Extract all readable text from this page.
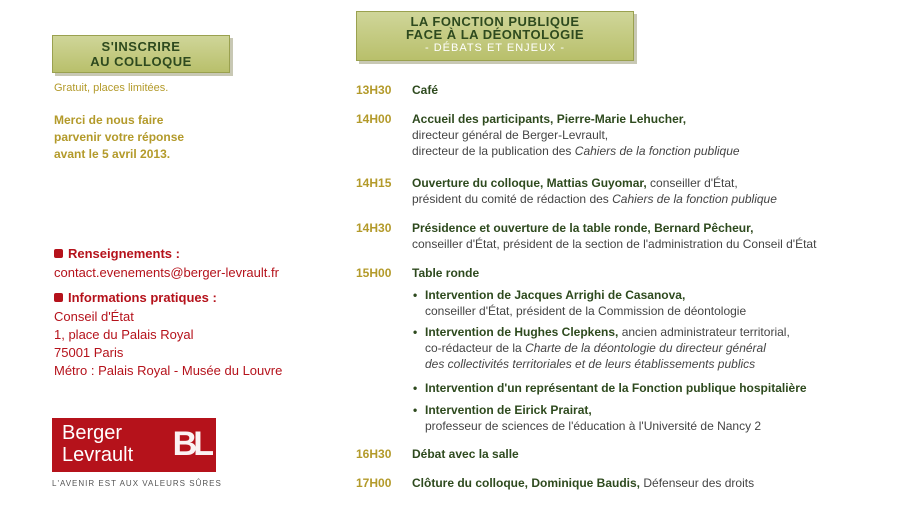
S'INSCRIRE
AU COLLOQUE
Gratuit, places limitées.
Merci de nous faire
parvenir votre réponse
avant le 5 avril 2013.
Renseignements :
contact.evenements@berger-levrault.fr
Informations pratiques :
Conseil d'État
1, place du Palais Royal
75001 Paris
Métro : Palais Royal - Musée du Louvre
Berger
Levrault BL
L'AVENIR EST AUX VALEURS SÛRES
LA FONCTION PUBLIQUE
FACE À LA DÉONTOLOGIE
- DÉBATS ET ENJEUX -
13H30	Café
14H00	Accueil des participants, Pierre-Marie Lehucher,
directeur général de Berger-Levrault,
directeur de la publication des Cahiers de la fonction publique
14H15	Ouverture du colloque, Mattias Guyomar, conseiller d'État,
président du comité de rédaction des Cahiers de la fonction publique
14H30	Présidence et ouverture de la table ronde, Bernard Pêcheur,
conseiller d'État, président de la section de l'administration du Conseil d'État
15H00	Table ronde
• Intervention de Jacques Arrighi de Casanova,
conseiller d'État, président de la Commission de déontologie
• Intervention de Hughes Clepkens, ancien administrateur territorial,
co-rédacteur de la Charte de la déontologie du directeur général
des collectivités territoriales et de leurs établissements publics
• Intervention d'un représentant de la Fonction publique hospitalière
• Intervention de Eirick Prairat,
professeur de sciences de l'éducation à l'Université de Nancy 2
16H30	Débat avec la salle
17H00	Clôture du colloque, Dominique Baudis, Défenseur des droits
